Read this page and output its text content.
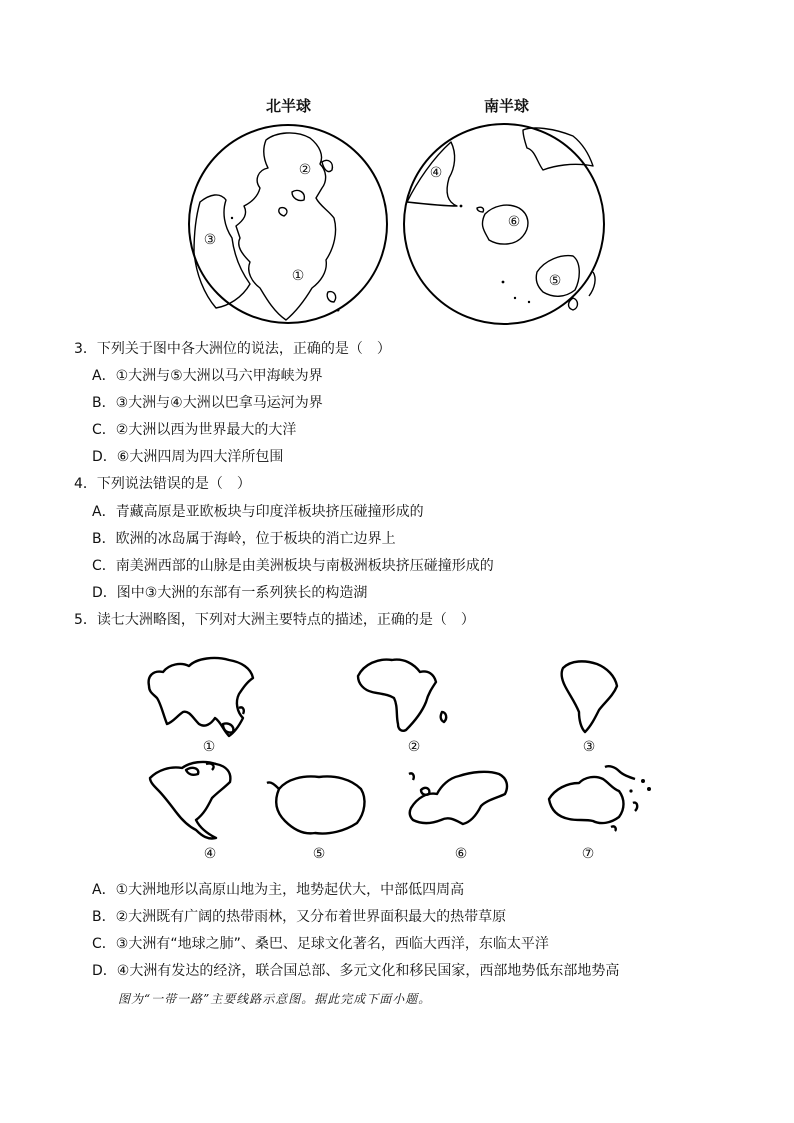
北半球	南半球
②
③
①
④
⑥
⑤
3．下列关于图中各大洲位的说法，正确的是（　）
A．①大洲与⑤大洲以马六甲海峡为界
B．③大洲与④大洲以巴拿马运河为界
C．②大洲以西为世界最大的大洋
D．⑥大洲四周为四大洋所包围
4．下列说法错误的是（　）
A．青藏高原是亚欧板块与印度洋板块挤压碰撞形成的
B．欧洲的冰岛属于海岭，位于板块的消亡边界上
C．南美洲西部的山脉是由美洲板块与南极洲板块挤压碰撞形成的
D．图中③大洲的东部有一系列狭长的构造湖
5．读七大洲略图，下列对大洲主要特点的描述，正确的是（　）
①	②	③
④	⑤	⑥	⑦
A．①大洲地形以高原山地为主，地势起伏大，中部低四周高
B．②大洲既有广阔的热带雨林，又分布着世界面积最大的热带草原
C．③大洲有“地球之肺”、桑巴、足球文化著名，西临大西洋，东临太平洋
D．④大洲有发达的经济，联合国总部、多元文化和移民国家，西部地势低东部地势高
图为“一带一路”主要线路示意图。据此完成下面小题。
